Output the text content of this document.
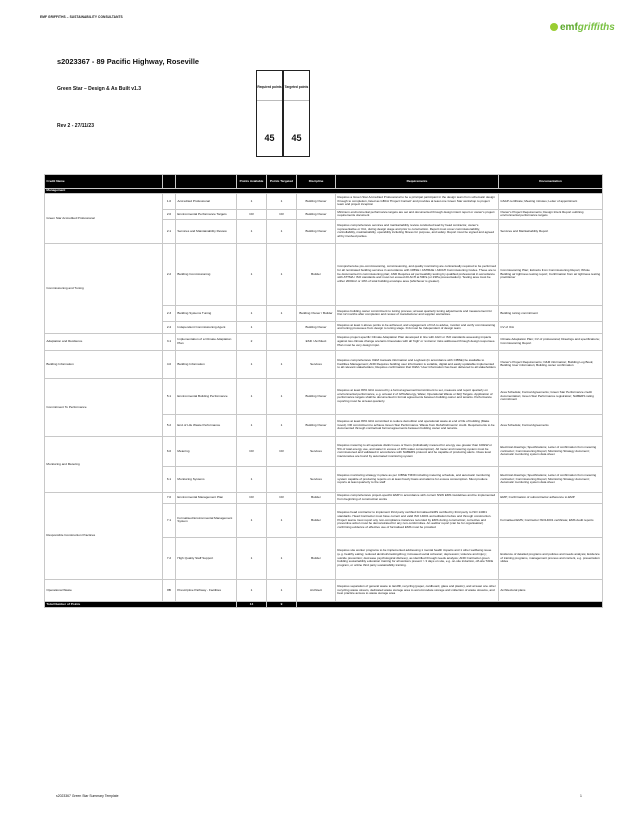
EMF GRIFFITHS – SUSTAINABILITY CONSULTANTS
emfgriffiths
s2023367 - 89 Pacific Highway, Roseville
Green Star – Design & As Built v1.3
Rev 2 - 27/11/23
Required points
45
Targeted points
45
Credit Name			Points Available	Points Targeted	Discipline	Requirements	Documentation
Management							
Green Star Accredited Professional	1.0	Accredited Professional	1	1	Building Owner	Requires a Green Star Accredited Professional to be a principal participant in the design team from schematic design through to completion, listed as GBCA 'Project Contact' and provides at least one Green Star workshop to project team and project inception	GSAP certificate; Meeting minutes; Letter of appointment
	2.0	Environmental Performance Targets	CR	CR	Building Owner	Minimum environmental performance targets are set and documented through design intent report or owner's project requirements document	Owner's Project Requirements; Design Intent Report outlining environmental performance targets
	2.1	Services and Maintainability Review	1	1	Building Owner	Requires comprehensive services and maintainability review conducted lead by head contractor, owner's representative or ICA, during design stage and prior to construction. Report must cover commissionability, controllability, maintainability, operability including fitness for purpose, and safety. Report must be signed and agreed all by involved parties.	Services and Maintainability Report
Commissioning and Tuning	2.2	Building Commissioning	1	1	Builder	Comprehensive pre-commissioning, commissioning, and quality monitoring are contractually required to be performed for all nominated building services in accordance with CIBSE / ASHRAE / AIRAH Commissioning Codes. These are to be documented in commissioning plan; AND Requires air permeability testing by qualified professional in accordance with ATTMA / ISO standards and must not exceed 20 ACH at 50Pa (or 23Pa pressurisation). Testing area must be either 2000m2 or 10% of total building envelope area (whichever is greater).	Commissioning Plan; Extracts from Commissioning Report; Whole Building air tightness testing report; Confirmation from air tightness testing practitioner
	2.3	Building Systems Tuning	1	1	Building Owner / Builder	Requires building owner commitment to tuning process; at least quarterly tuning adjustments and measurement for first 12 months after completion and review of manufacturer and supplier warranties.	Building tuning commitment
	2.4	Independent Commissioning Agent	1		Building Owner	Requires at least 1 above points to be achieved, and engagement of ICA to advise, monitor and verify commissioning and tuning processes from design to tuning stage. ICA must be independent of design team	CV of ICA
Adaptation and Resilience	3.1	Implementation of a Climate Adaptation Plan	2		ESD / Architect	Requires project-specific Climate Adaptation Plan developed in line with AGO or ISO standards assessing impacts against two climate change scenario timescales with all 'high' or 'extreme' risks addressed through design responses. Plan must be very design input.	Climate Adaptation Plan; CV of professional; Drawings and specifications; Commissioning Report
Building Information	4.0	Building Information	1	1	Services	Requires comprehensive O&M manuals information and Logbook (in accordance with CIBSE) be available to Facilities Management; AND Requires building user information is suitable, digital and easily updatable implemented to all relevant stakeholders; Requires confirmation that O&M / User Information has been delivered to all stakeholders	Owner's Project Requirements; O&M information; Building Log Book; Building User information; Building owner confirmation
Commitment To Performance	5.1	Environmental Building Performance	1	1	Building Owner	Requires at least 80% GFA covered by a formal agreement/commitment to set, measure and report quarterly on environmental performance, e.g. at least 2 of GHG/Energy, Water, Operational Waste or IEQ Targets. Application of performance targets shall be documented in formal agreements between building owner and tenants. Performance reporting must be at least quarterly.	Area Schedule; Formal Agreements; Green Star Performance credit documentation; Green Star Performance registration; NABERS rating commitment
	5.2	End of Life Waste Performance	1	1	Building Owner	Requires at least 80% GFA committed to reduce demolition and operational waste at end of life of building (Make Good). OR commitment to achieve Green Star Performance 'Waste from Refurbishments' credit. Requirements to be documented through contractual formal agreements between building owner and tenants.	Area Schedule; Formal Agreements
Monitoring and Metering	6.0	Metering	CR	CR	Services	Requires metering to all separate distinct uses or floors (individually metered for energy use greater than 100kW or 5% of total energy use, and water in excess of 10% water consumption). All meter and metering system must be commissioned and validated in accordance with NABERS protocol and be capable of producing alerts. Class level inaccuracies are found by automated monitoring system	Electrical drawings; Specifications; Letter of confirmation from metering contractor; Commissioning Report; Monitoring Strategy document; Automatic monitoring system data sheet
	6.1	Monitoring Systems	1		Services	Requires monitoring strategy in place as per CIBSE TM39 including metering schedule, and automatic monitoring system capable of producing reports on at least hourly basis and alarms for excess consumption. Must produce reports at least quarterly to the staff	Electrical drawings; Specifications; Letter of confirmation from metering contractor; Commissioning Report; Monitoring Strategy document; Automatic monitoring system data sheet
Responsible Construction Practices	7.0	Environmental Management Plan	CR	CR	Builder	Requires comprehensive project-specific EMP in accordance with current NSW EMS Guidelines and be implemented from beginning of construction works	EMP; Confirmation of subcontractor adherence to EMP
	7.1	Formalised Environmental Management System	1	1	Builder	Requires head contractor to implement third party certified formalised EMS certified by third party to ISO 14001 standards. Head Contractor must have current and valid ISO 14001 accreditation before and through construction. Project teams must report any non-compliance instances recorded by EMS during construction; corrective and preventive action must be demonstrated for any non-conformities. An auditor report (can be for organisation) confirming evidence of effective use of formalised EMS must be provided	Formalised EMS; Contractor ISO14001 certificate; EMS Audit reports
	7.2	High Quality Staff Support	1	1	Builder	Requires site worker programs to be implemented addressing 1 mental health impacts and 1 other wellbeing issue (e.g. healthy eating; reduced alcohol/smoking/drug; increased social cohesion; depression; violence and injury; suicide prevention; decrease psychological distress), as identified through needs analysis; AND Contractor green building sustainability education training for all workers present > 3 days on site, e.g. on-site induction, off-site TAFE program, or online third party sustainability training.	Evidence of detailed programs and policies and needs analysis; Evidence of training programs, management process and content, e.g. presentation slides
Operational Waste	8B	Prescriptive Pathway - Facilities	1	1	Architect	Requires separation of general waste to landfill, recycling (paper, cardboard, glass and plastic), and at least one other recycling waste stream, dedicated waste storage area to accommodate storage and collection of waste streams, and best practice access to waste storage area	Architectural plans
Total Number of Points			14	9			
s2023367 Green Star Summary Template	1
